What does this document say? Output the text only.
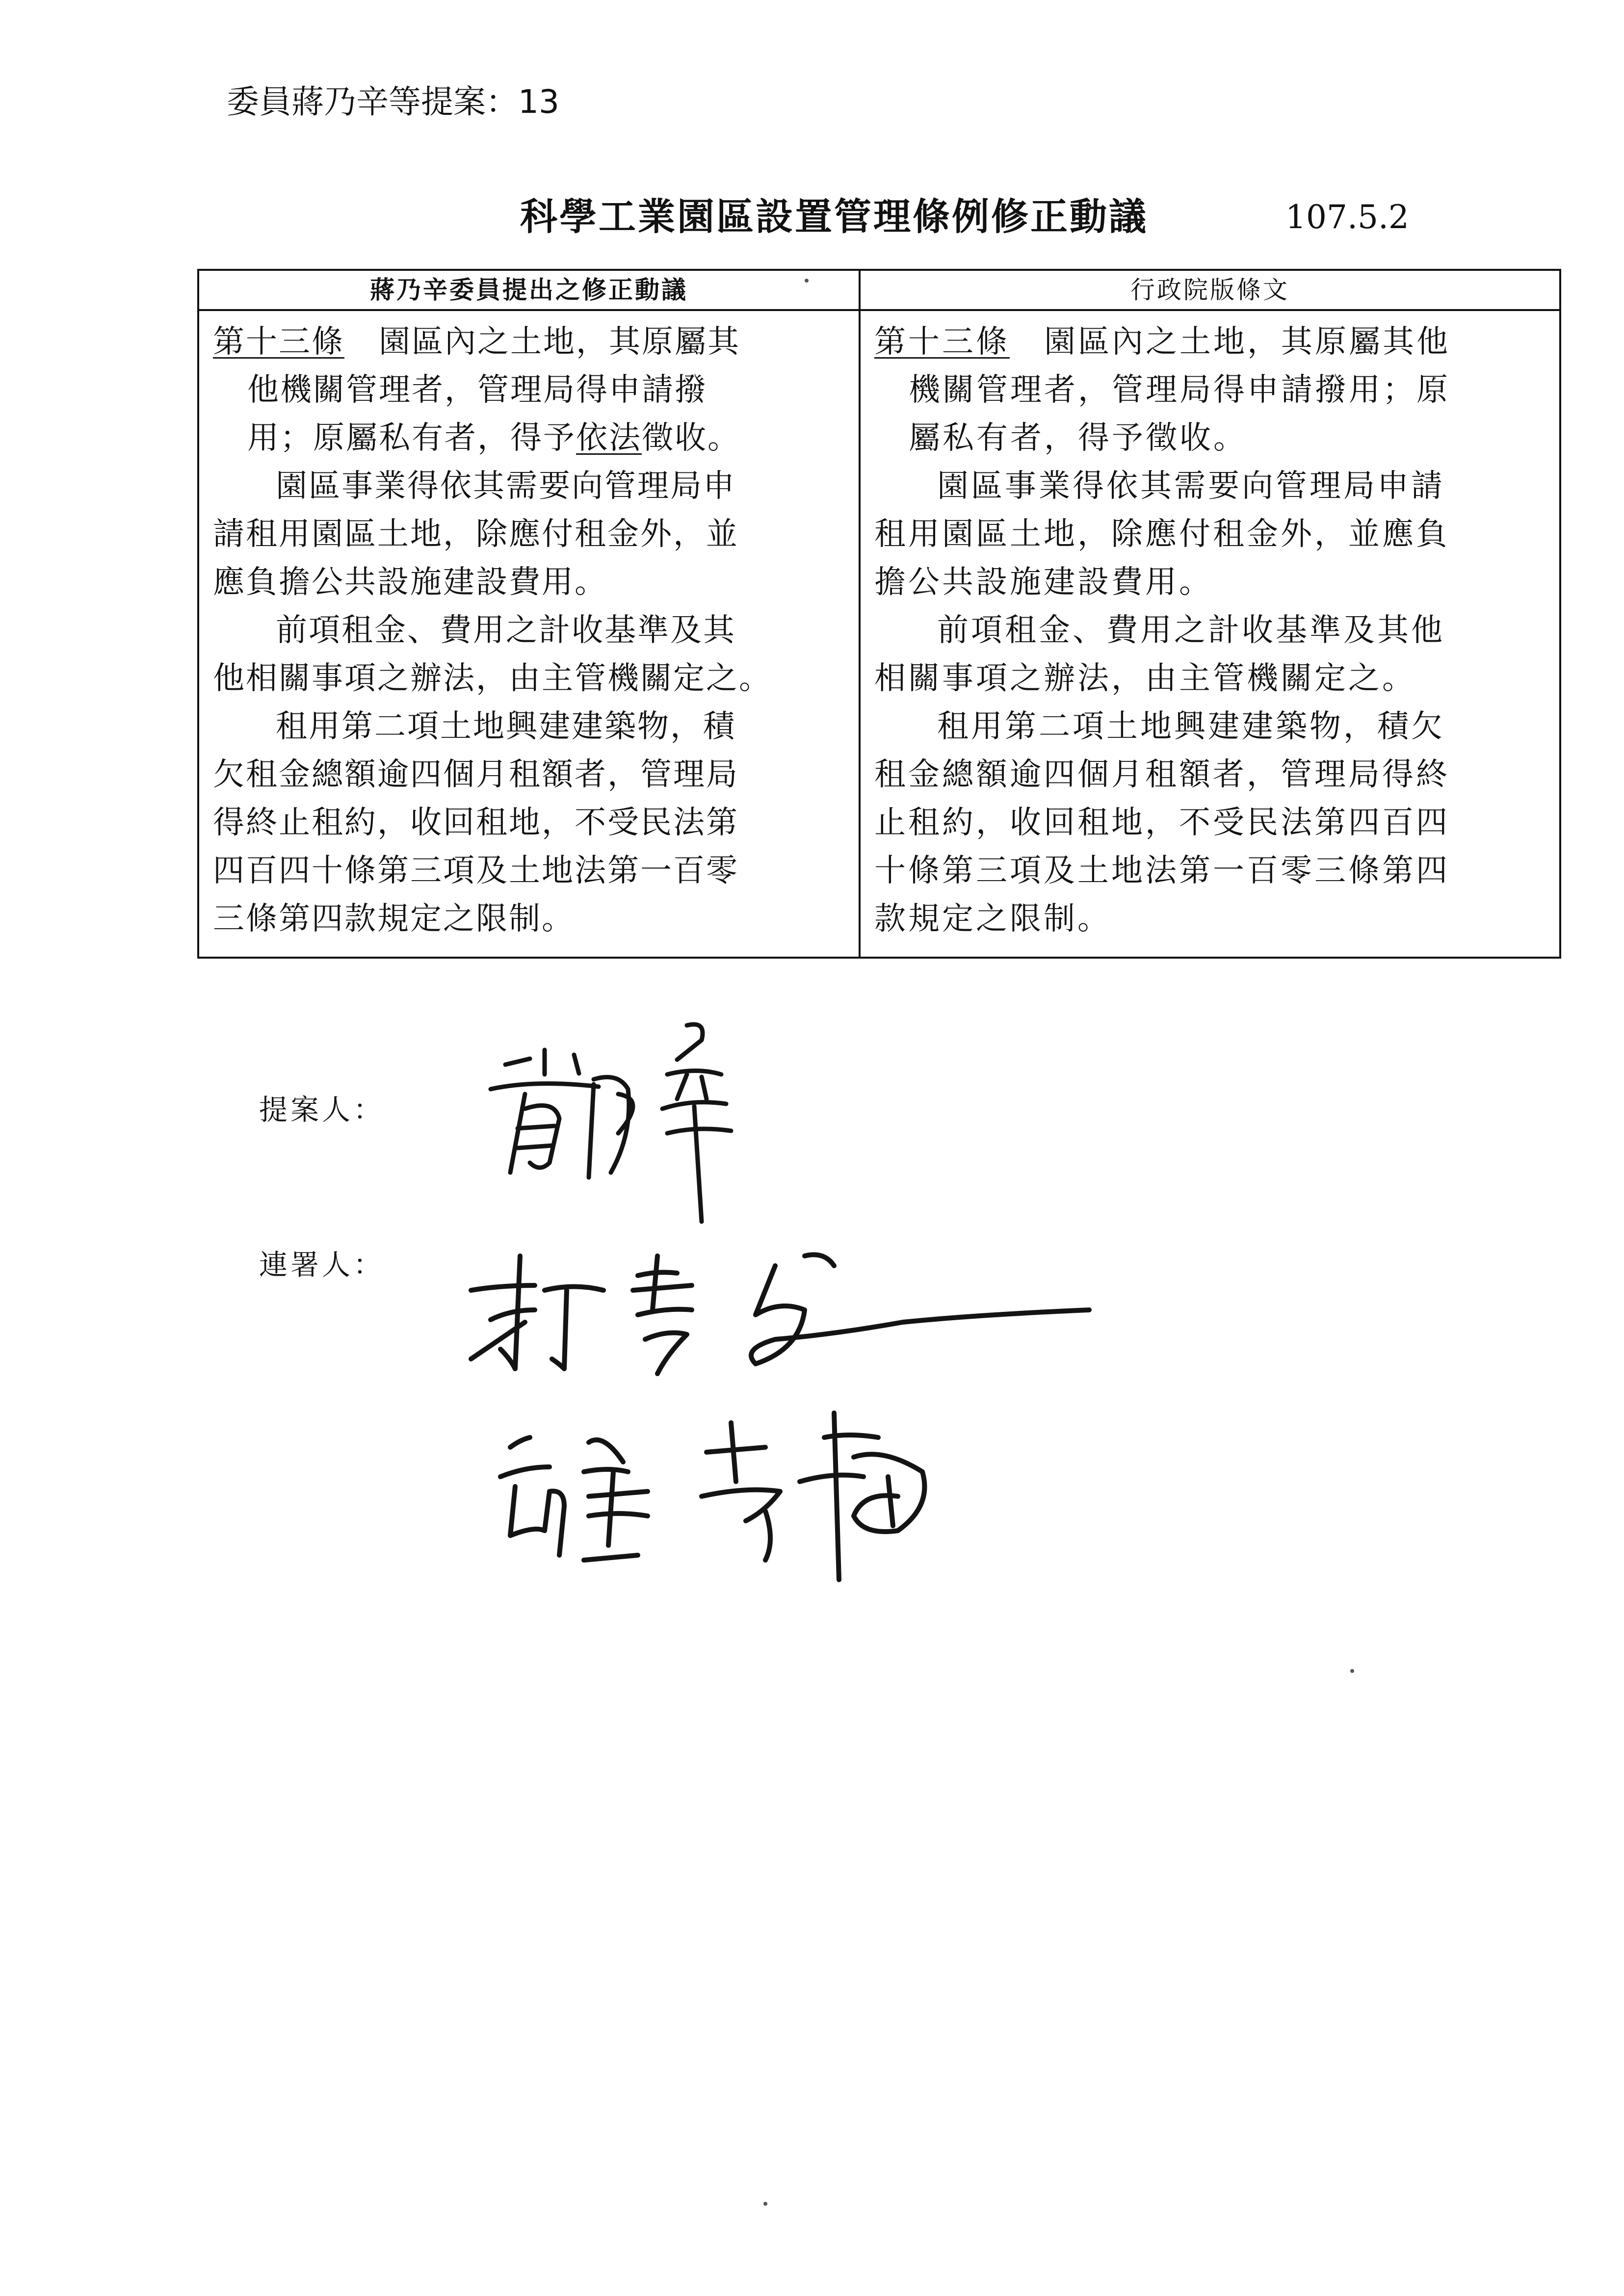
委員蔣乃辛等提案：13
科學工業園區設置管理條例修正動議	107.5.2
蔣乃辛委員提出之修正動議	行政院版條文
第十三條 園區內之土地，其原屬其
他機關管理者，管理局得申請撥
用；原屬私有者，得予依法徵收。
園區事業得依其需要向管理局申
請租用園區土地，除應付租金外，並
應負擔公共設施建設費用。
前項租金、費用之計收基準及其
他相關事項之辦法，由主管機關定之。
租用第二項土地興建建築物，積
欠租金總額逾四個月租額者，管理局
得終止租約，收回租地，不受民法第
四百四十條第三項及土地法第一百零
三條第四款規定之限制。
第十三條 園區內之土地，其原屬其他
機關管理者，管理局得申請撥用；原
屬私有者，得予徵收。
園區事業得依其需要向管理局申請
租用園區土地，除應付租金外，並應負
擔公共設施建設費用。
前項租金、費用之計收基準及其他
相關事項之辦法，由主管機關定之。
租用第二項土地興建建築物，積欠
租金總額逾四個月租額者，管理局得終
止租約，收回租地，不受民法第四百四
十條第三項及土地法第一百零三條第四
款規定之限制。
提案人：
連署人：
